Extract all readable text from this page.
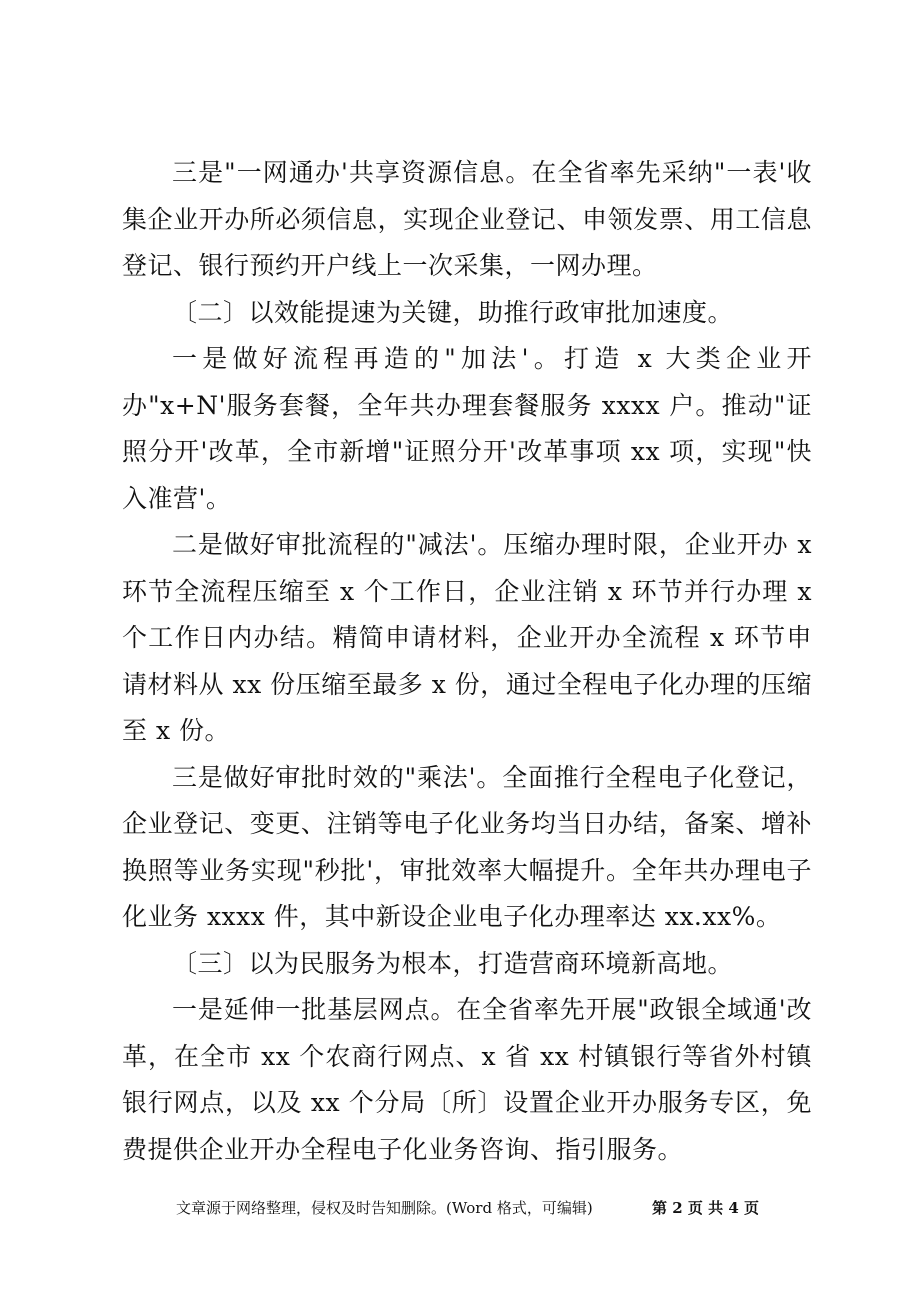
三是"一网通办'共享资源信息。在全省率先采纳"一表'收集企业开办所必须信息，实现企业登记、申领发票、用工信息登记、银行预约开户线上一次采集，一网办理。

〔二〕以效能提速为关键，助推行政审批加速度。

一是做好流程再造的"加法'。打造 x 大类企业开办"x+N'服务套餐，全年共办理套餐服务 xxxx 户。推动"证照分开'改革，全市新增"证照分开'改革事项 xx 项，实现"快入准营'。

二是做好审批流程的"减法'。压缩办理时限，企业开办 x 环节全流程压缩至 x 个工作日，企业注销 x 环节并行办理 x 个工作日内办结。精简申请材料，企业开办全流程 x 环节申请材料从 xx 份压缩至最多 x 份，通过全程电子化办理的压缩至 x 份。

三是做好审批时效的"乘法'。全面推行全程电子化登记，企业登记、变更、注销等电子化业务均当日办结，备案、增补换照等业务实现"秒批'，审批效率大幅提升。全年共办理电子化业务 xxxx 件，其中新设企业电子化办理率达 xx.xx%。

〔三〕以为民服务为根本，打造营商环境新高地。

一是延伸一批基层网点。在全省率先开展"政银全域通'改革，在全市 xx 个农商行网点、x 省 xx 村镇银行等省外村镇银行网点，以及 xx 个分局〔所〕设置企业开办服务专区，免费提供企业开办全程电子化业务咨询、指引服务。

文章源于网络整理，侵权及时告知删除。(Word 格式，可编辑)	第 2 页 共 4 页
